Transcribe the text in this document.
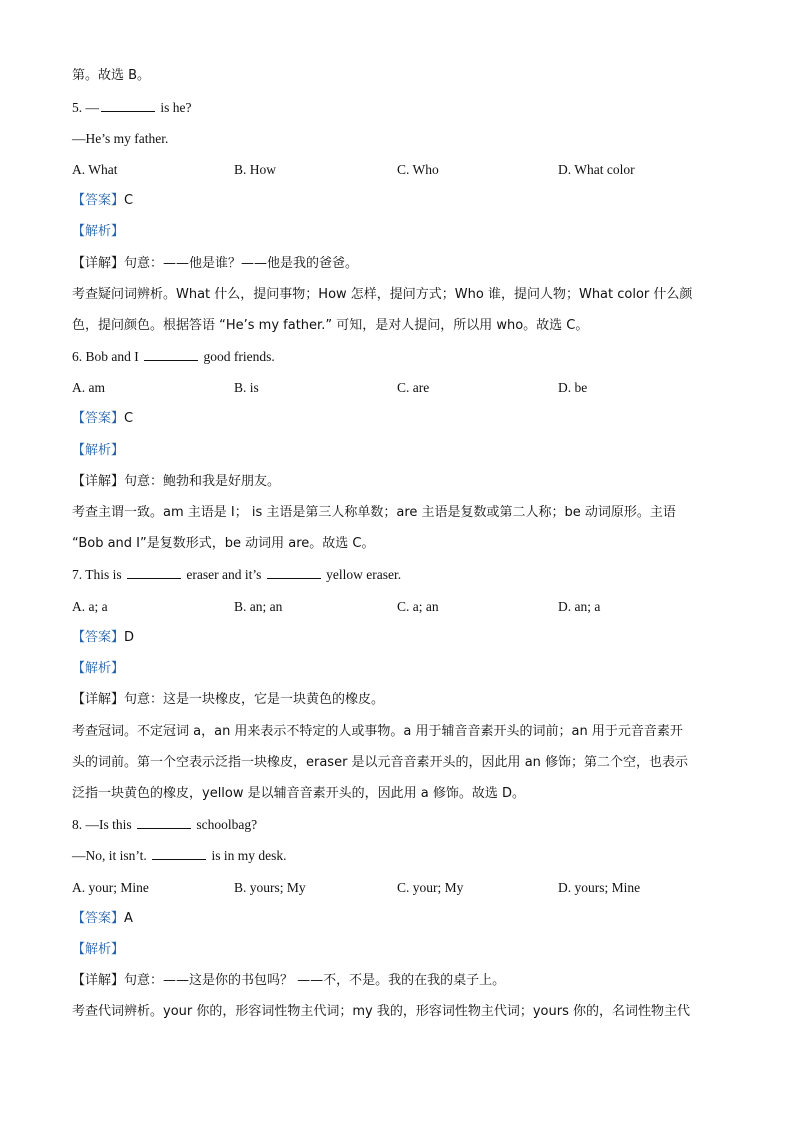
第。故选 B。
5. —	is he?
—He’s my father.
A. What	B. How	C. Who	D. What color
【答案】C
【解析】
【详解】句意：——他是谁？——他是我的爸爸。
考查疑问词辨析。What 什么，提问事物；How 怎样，提问方式；Who 谁，提问人物；What color 什么颜
色，提问颜色。根据答语 “He’s my father.” 可知，是对人提问，所以用 who。故选 C。
6. Bob and I	good friends.
A. am	B. is	C. are	D. be
【答案】C
【解析】
【详解】句意：鲍勃和我是好朋友。
考查主谓一致。am 主语是 I； is 主语是第三人称单数；are 主语是复数或第二人称；be 动词原形。主语
“Bob and I”是复数形式，be 动词用 are。故选 C。
7. This is	eraser and it’s	yellow eraser.
A. a; a	B. an; an	C. a; an	D. an; a
【答案】D
【解析】
【详解】句意：这是一块橡皮，它是一块黄色的橡皮。
考查冠词。不定冠词 a，an 用来表示不特定的人或事物。a 用于辅音音素开头的词前；an 用于元音音素开
头的词前。第一个空表示泛指一块橡皮，eraser 是以元音音素开头的，因此用 an 修饰；第二个空，也表示
泛指一块黄色的橡皮，yellow 是以辅音音素开头的，因此用 a 修饰。故选 D。
8. —Is this	schoolbag?
—No, it isn’t.	is in my desk.
A. your; Mine	B. yours; My	C. your; My	D. yours; Mine
【答案】A
【解析】
【详解】句意：——这是你的书包吗？ ——不，不是。我的在我的桌子上。
考查代词辨析。your 你的，形容词性物主代词；my 我的，形容词性物主代词；yours 你的，名词性物主代
